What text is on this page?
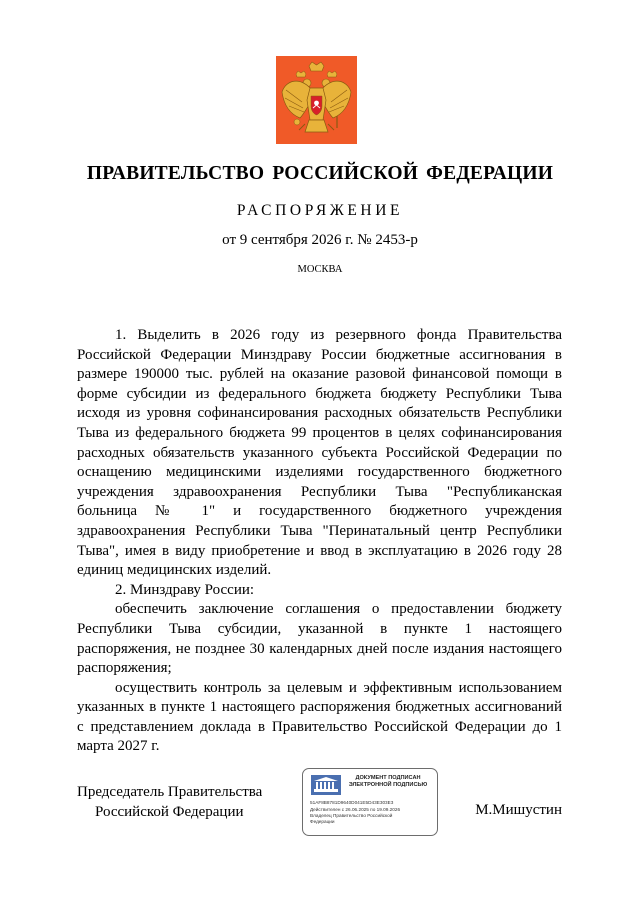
ПРАВИТЕЛЬСТВО РОССИЙСКОЙ ФЕДЕРАЦИИ
РАСПОРЯЖЕНИЕ
от 9 сентября 2026 г. № 2453-р
МОСКВА

1. Выделить в 2026 году из резервного фонда Правительства Российской Федерации Минздраву России бюджетные ассигнования в размере 190000 тыс. рублей на оказание разовой финансовой помощи в форме субсидии из федерального бюджета бюджету Республики Тыва исходя из уровня софинансирования расходных обязательств Республики Тыва из федерального бюджета 99 процентов в целях софинансирования расходных обязательств указанного субъекта Российской Федерации по оснащению медицинскими изделиями государственного бюджетного учреждения здравоохранения Республики Тыва "Республиканская больница № 1" и государственного бюджетного учреждения здравоохранения Республики Тыва "Перинатальный центр Республики Тыва", имея в виду приобретение и ввод в эксплуатацию в 2026 году 28 единиц медицинских изделий.

2. Минздраву России:

обеспечить заключение соглашения о предоставлении бюджету Республики Тыва субсидии, указанной в пункте 1 настоящего распоряжения, не позднее 30 календарных дней после издания настоящего распоряжения;

осуществить контроль за целевым и эффективным использованием указанных в пункте 1 настоящего распоряжения бюджетных ассигнований с представлением доклада в Правительство Российской Федерации до 1 марта 2027 г.

Председатель Правительства
Российской Федерации	М.Мишустин
ДОКУМЕНТ ПОДПИСАН
ЭЛЕКТРОННОЙ ПОДПИСЬЮ
51AF8B8781D9640D041E5D43E303E3
Действителен с 26.06.2025 по 19.09.2026
Владелец Правительство Российской
Федерации
